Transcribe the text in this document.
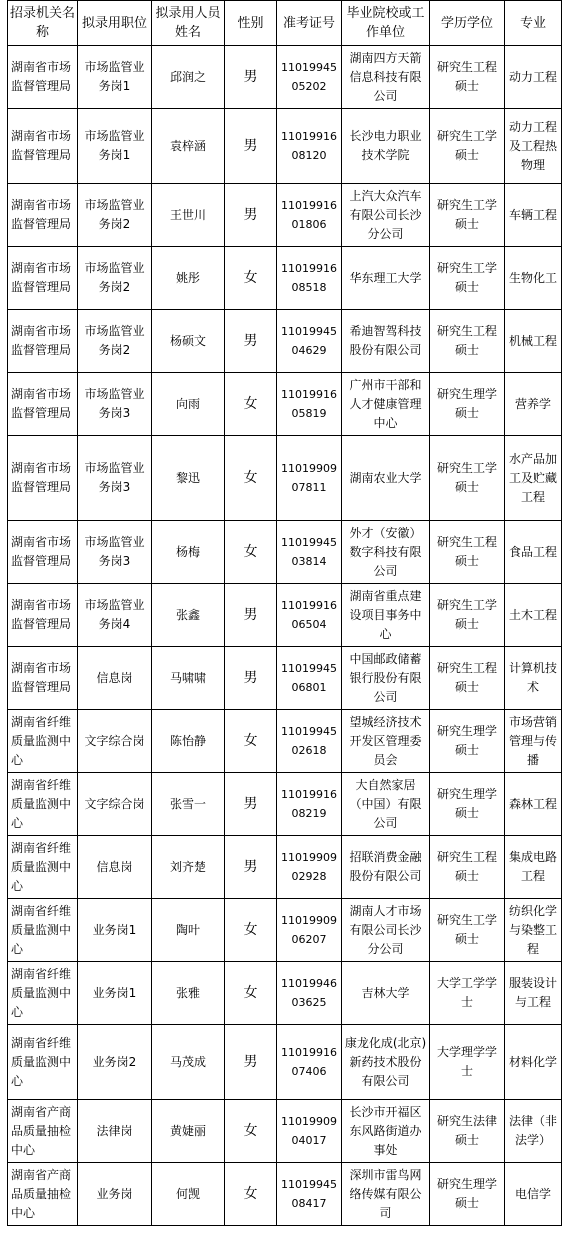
招录机关名称	拟录用职位	拟录用人员姓名	性别	准考证号	毕业院校或工作单位	学历学位	专业
湖南省市场监督管理局	市场监管业务岗1	邱润之	男	1101994505202	湖南四方天箭信息科技有限公司	研究生工程硕士	动力工程
湖南省市场监督管理局	市场监管业务岗1	袁梓涵	男	1101991608120	长沙电力职业技术学院	研究生工学硕士	动力工程及工程热物理
湖南省市场监督管理局	市场监管业务岗2	王世川	男	1101991601806	上汽大众汽车有限公司长沙分公司	研究生工学硕士	车辆工程
湖南省市场监督管理局	市场监管业务岗2	姚彤	女	1101991608518	华东理工大学	研究生工学硕士	生物化工
湖南省市场监督管理局	市场监管业务岗2	杨硕文	男	1101994504629	希迪智驾科技股份有限公司	研究生工程硕士	机械工程
湖南省市场监督管理局	市场监管业务岗3	向雨	女	1101991605819	广州市干部和人才健康管理中心	研究生理学硕士	营养学
湖南省市场监督管理局	市场监管业务岗3	黎迅	女	1101990907811	湖南农业大学	研究生工学硕士	水产品加工及贮藏工程
湖南省市场监督管理局	市场监管业务岗3	杨梅	女	1101994503814	外才（安徽）数字科技有限公司	研究生工程硕士	食品工程
湖南省市场监督管理局	市场监管业务岗4	张鑫	男	1101991606504	湖南省重点建设项目事务中心	研究生工学硕士	土木工程
湖南省市场监督管理局	信息岗	马啸啸	男	1101994506801	中国邮政储蓄银行股份有限公司	研究生工程硕士	计算机技术
湖南省纤维质量监测中心	文字综合岗	陈怡静	女	1101994502618	望城经济技术开发区管理委员会	研究生理学硕士	市场营销管理与传播
湖南省纤维质量监测中心	文字综合岗	张雪一	男	1101991608219	大自然家居（中国）有限公司	研究生理学硕士	森林工程
湖南省纤维质量监测中心	信息岗	刘齐楚	男	1101990902928	招联消费金融股份有限公司	研究生工程硕士	集成电路工程
湖南省纤维质量监测中心	业务岗1	陶叶	女	1101990906207	湖南人才市场有限公司长沙分公司	研究生工学硕士	纺织化学与染整工程
湖南省纤维质量监测中心	业务岗1	张雅	女	1101994603625	吉林大学	大学工学学士	服装设计与工程
湖南省纤维质量监测中心	业务岗2	马茂成	男	1101991607406	康龙化成(北京)新药技术股份有限公司	大学理学学士	材料化学
湖南省产商品质量抽检中心	法律岗	黄婕丽	女	1101990904017	长沙市开福区东风路街道办事处	研究生法律硕士	法律（非法学）
湖南省产商品质量抽检中心	业务岗	何觊	女	1101994508417	深圳市雷鸟网络传媒有限公司	研究生理学硕士	电信学
